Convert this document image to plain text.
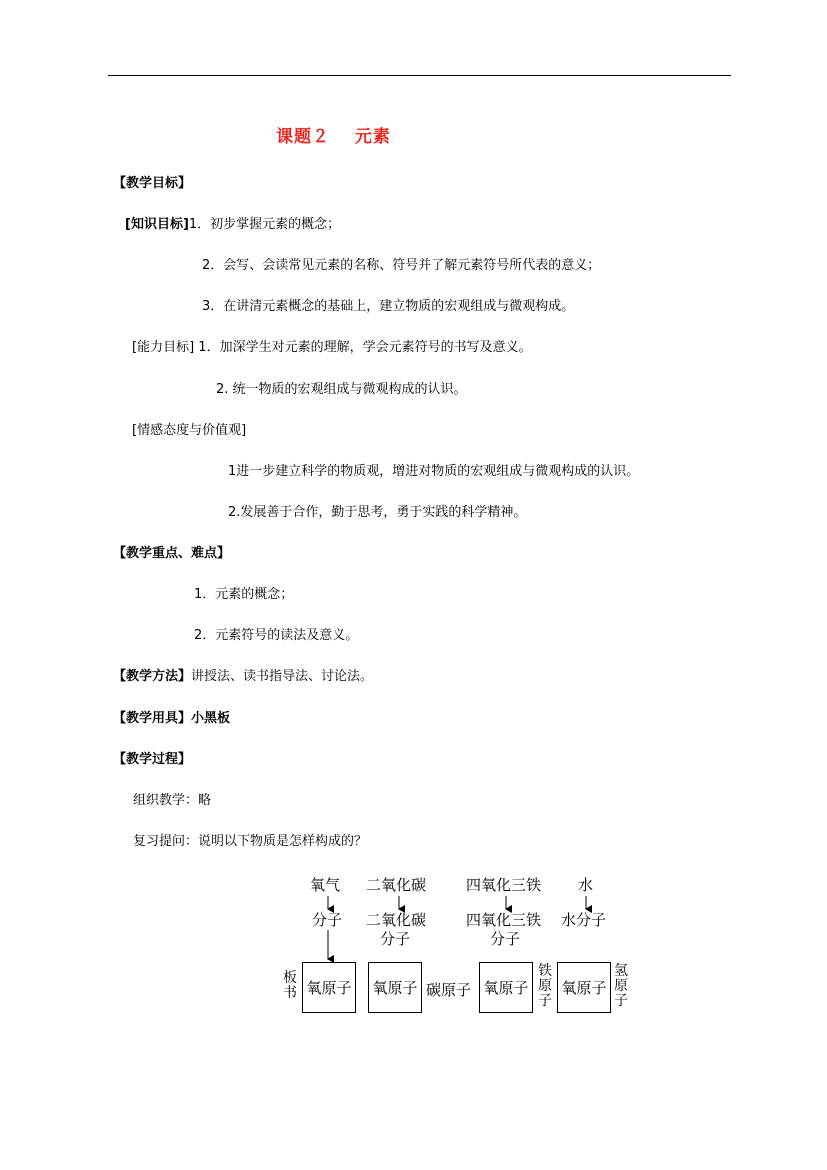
课题２　 元素
【教学目标】
[知识目标]1．初步掌握元素的概念；
2．会写、会读常见元素的名称、符号并了解元素符号所代表的意义；
3．在讲清元素概念的基础上，建立物质的宏观组成与微观构成。
[能力目标] 1．加深学生对元素的理解，学会元素符号的书写及意义。
2. 统一物质的宏观组成与微观构成的认识。
[情感态度与价值观]
1进一步建立科学的物质观，增进对物质的宏观组成与微观构成的认识。
2.发展善于合作，勤于思考，勇于实践的科学精神。
【教学重点、难点】
1．元素的概念；
2．元素符号的读法及意义。
【教学方法】讲授法、读书指导法、讨论法。
【教学用具】小黑板
【教学过程】
组织教学：略
复习提问：说明以下物质是怎样构成的？
氧气 二氧化碳	四氧化三铁 水
分子 二氧化碳	四氧化三铁 水分子
分子	分子
板书 氧原子 氧原子 碳原子 氧原子
铁原子
氧原子
氢原子
